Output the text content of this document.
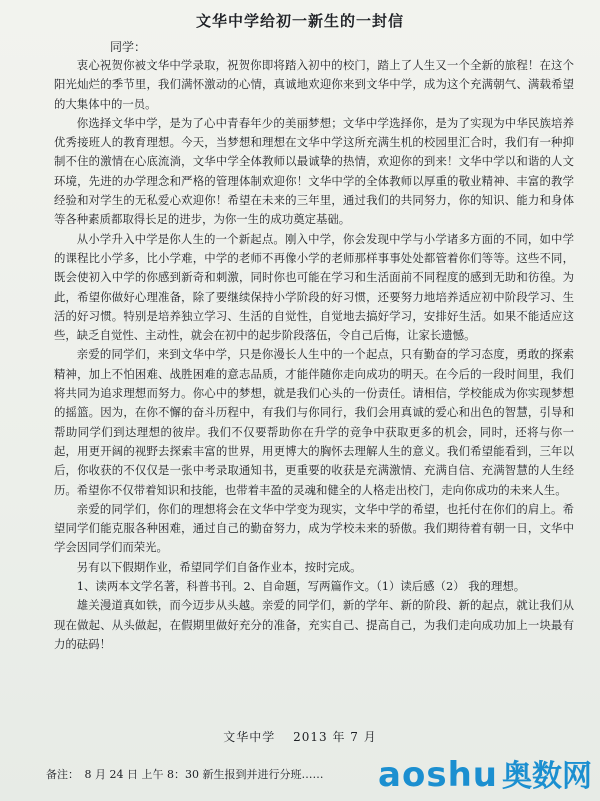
文华中学给初一新生的一封信
同学：

衷心祝贺你被文华中学录取，祝贺你即将踏入初中的校门，踏上了人生又一个全新的旅程！在这个阳光灿烂的季节里，我们满怀激动的心情，真诚地欢迎你来到文华中学，成为这个充满朝气、满载希望的大集体中的一员。

你选择文华中学，是为了心中青春年少的美丽梦想；文华中学选择你，是为了实现为中华民族培养优秀接班人的教育理想。今天，当梦想和理想在文华中学这所充满生机的校园里汇合时，我们有一种抑制不住的激情在心底流淌，文华中学全体教师以最诚挚的热情，欢迎你的到来！文华中学以和谐的人文环境，先进的办学理念和严格的管理体制欢迎你！文华中学的全体教师以厚重的敬业精神、丰富的教学经验和对学生的无私爱心欢迎你！希望在未来的三年里，通过我们的共同努力，你的知识、能力和身体等各种素质都取得长足的进步，为你一生的成功奠定基础。

从小学升入中学是你人生的一个新起点。刚入中学，你会发现中学与小学诸多方面的不同，如中学的课程比小学多，比小学难，中学的老师不再像小学的老师那样事事处处都管着你们等等。这些不同，既会使初入中学的你感到新奇和刺激，同时你也可能在学习和生活面前不同程度的感到无助和彷徨。为此，希望你做好心理准备，除了要继续保持小学阶段的好习惯，还要努力地培养适应初中阶段学习、生活的好习惯。特别是培养独立学习、生活的自觉性，自觉地去搞好学习，安排好生活。如果不能适应这些，缺乏自觉性、主动性，就会在初中的起步阶段落伍，令自己后悔，让家长遗憾。

亲爱的同学们，来到文华中学，只是你漫长人生中的一个起点，只有勤奋的学习态度，勇敢的探索精神，加上不怕困难、战胜困难的意志品质，才能伴随你走向成功的明天。在今后的一段时间里，我们将共同为追求理想而努力。你心中的梦想，就是我们心头的一份责任。请相信，学校能成为你实现梦想的摇篮。因为，在你不懈的奋斗历程中，有我们与你同行，我们会用真诚的爱心和出色的智慧，引导和帮助同学们到达理想的彼岸。我们不仅要帮助你在升学的竞争中获取更多的机会，同时，还将与你一起，用更开阔的视野去探索丰富的世界，用更博大的胸怀去理解人生的意义。我们希望能看到，三年以后，你收获的不仅仅是一张中考录取通知书，更重要的收获是充满激情、充满自信、充满智慧的人生经历。希望你不仅带着知识和技能，也带着丰盈的灵魂和健全的人格走出校门，走向你成功的未来人生。

亲爱的同学们，你们的理想将会在文华中学变为现实，文华中学的希望，也托付在你们的肩上。希望同学们能克服各种困难，通过自己的勤奋努力，成为学校未来的骄傲。我们期待着有朝一日，文华中学会因同学们而荣光。

另有以下假期作业，希望同学们自备作业本，按时完成。

1、读两本文学名著，科普书刊。2、自命题，写两篇作文。（1）读后感（2） 我的理想。

雄关漫道真如铁，而今迈步从头越。亲爱的同学们，新的学年、新的阶段、新的起点，就让我们从现在做起、从头做起，在假期里做好充分的准备，充实自己、提高自己，为我们走向成功加上一块最有力的砝码！

文华中学　 2013 年 7 月
备注：　8 月 24 日 上午 8：30 新生报到并进行分班……	aoshu 奥数网
